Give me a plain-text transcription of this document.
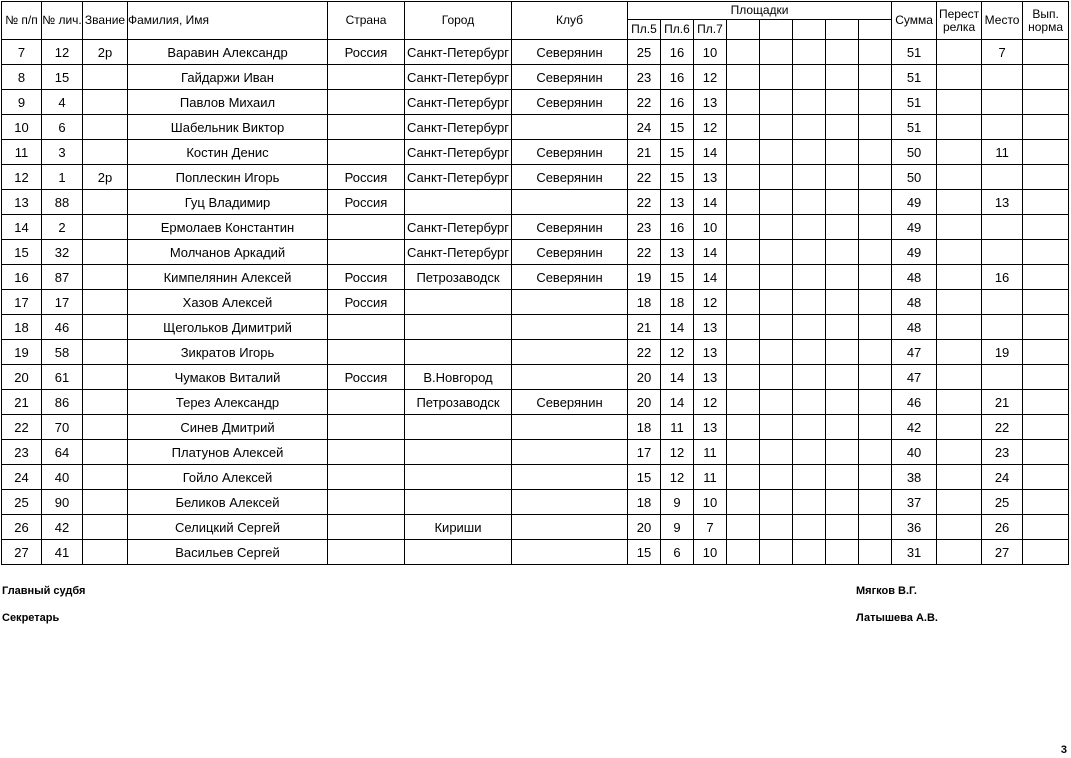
№ п/п	№ лич.	Звание	Фамилия, Имя	Страна	Город	Клуб	Площадки								Сумма	Перест релка	Место	Вып. норма
							Пл.5	Пл.6	Пл.7									
7	12	2р	Варавин Александр	Россия	Санкт-Петербург	Северянин	25	16	10						51		7	
8	15		Гайдаржи Иван		Санкт-Петербург	Северянин	23	16	12						51			
9	4		Павлов Михаил		Санкт-Петербург	Северянин	22	16	13						51			
10	6		Шабельник Виктор		Санкт-Петербург		24	15	12						51			
11	3		Костин Денис		Санкт-Петербург	Северянин	21	15	14						50		11	
12	1	2р	Поплескин Игорь	Россия	Санкт-Петербург	Северянин	22	15	13						50			
13	88		Гуц Владимир	Россия			22	13	14						49		13	
14	2		Ермолаев Константин		Санкт-Петербург	Северянин	23	16	10						49			
15	32		Молчанов Аркадий		Санкт-Петербург	Северянин	22	13	14						49			
16	87		Кимпелянин Алексей	Россия	Петрозаводск	Северянин	19	15	14						48		16	
17	17		Хазов Алексей	Россия			18	18	12						48			
18	46		Щегольков Димитрий				21	14	13						48			
19	58		Зикратов Игорь				22	12	13						47		19	
20	61		Чумаков Виталий	Россия	В.Новгород		20	14	13						47			
21	86		Терез Александр		Петрозаводск	Северянин	20	14	12						46		21	
22	70		Синев Дмитрий				18	11	13						42		22	
23	64		Платунов Алексей				17	12	11						40		23	
24	40		Гойло Алексей				15	12	11						38		24	
25	90		Беликов Алексей				18	9	10						37		25	
26	42		Селицкий Сергей		Кириши		20	9	7						36		26	
27	41		Васильев Сергей				15	6	10						31		27	
Главный судбя	Мягков В.Г.
Секретарь	Латышева А.В.
3
